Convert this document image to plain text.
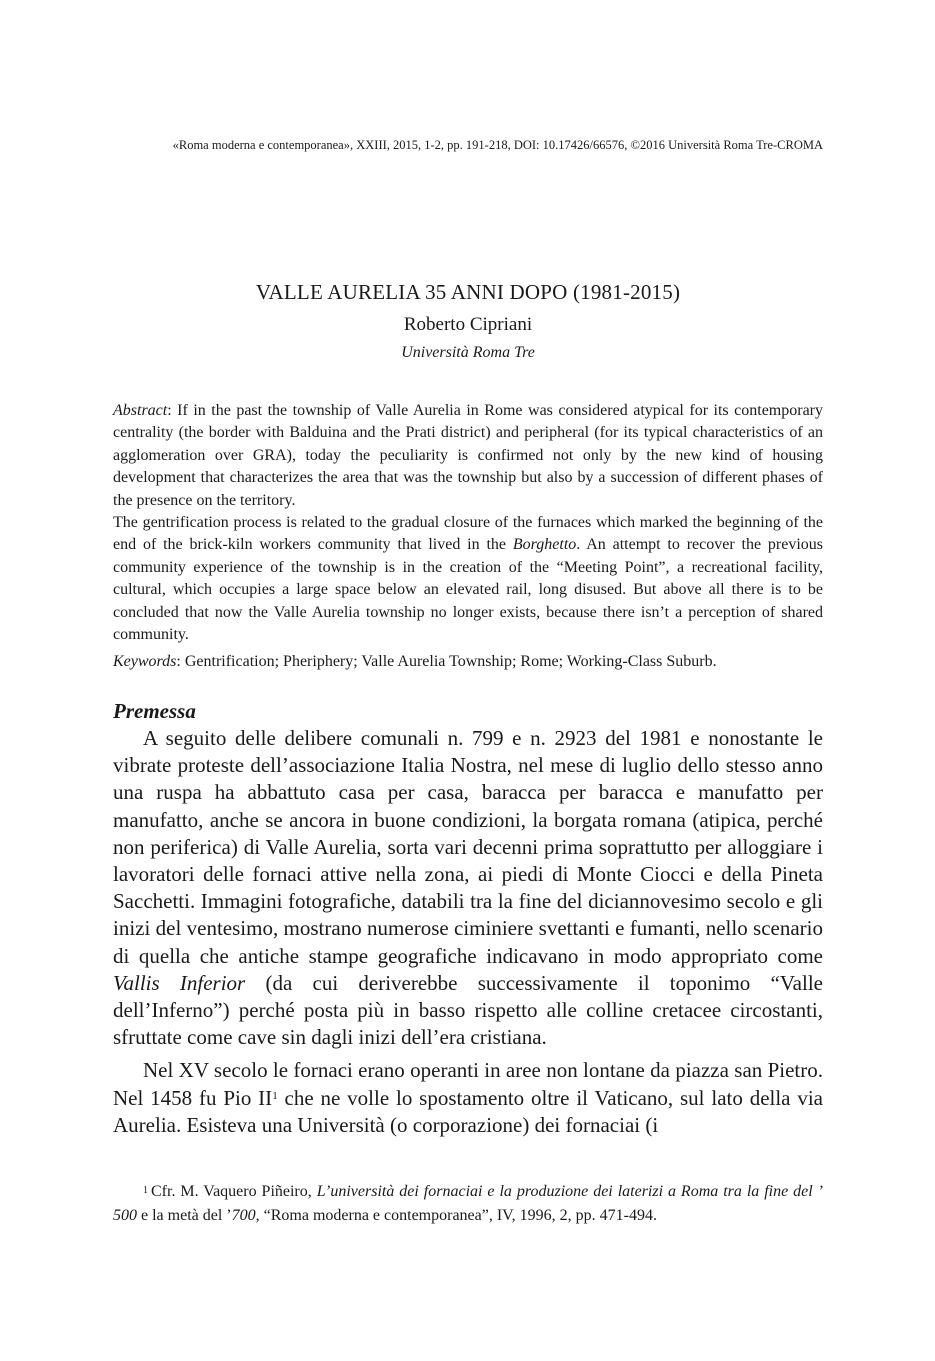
«Roma moderna e contemporanea», XXIII, 2015, 1-2, pp. 191-218, DOI: 10.17426/66576, ©2016 Università Roma Tre-CROMA
VALLE AURELIA 35 ANNI DOPO (1981-2015)
Roberto Cipriani
Università Roma Tre

Abstract: If in the past the township of Valle Aurelia in Rome was considered atypical for its contemporary centrality (the border with Balduina and the Prati district) and peripheral (for its typical characteristics of an agglomeration over GRA), today the peculiarity is confirmed not only by the new kind of housing development that characterizes the area that was the township but also by a succession of different phases of the presence on the territory.

The gentrification process is related to the gradual closure of the furnaces which marked the beginning of the end of the brick-kiln workers community that lived in the Borghetto. An attempt to recover the previous community experience of the township is in the creation of the “Meeting Point”, a recreational facility, cultural, which occupies a large space below an elevated rail, long disused. But above all there is to be concluded that now the Valle Aurelia township no longer exists, because there isn’t a perception of shared community.

Keywords: Gentrification; Pheriphery; Valle Aurelia Township; Rome; Working-Class Suburb.

Premessa

A seguito delle delibere comunali n. 799 e n. 2923 del 1981 e nonostante le vibrate proteste dell’associazione Italia Nostra, nel mese di luglio dello stesso anno una ruspa ha abbattuto casa per casa, baracca per baracca e manufatto per manufatto, anche se ancora in buone condizioni, la borgata romana (atipica, perché non periferica) di Valle Aurelia, sorta vari decenni prima soprattutto per alloggiare i lavoratori delle fornaci attive nella zona, ai piedi di Monte Ciocci e della Pineta Sacchetti. Immagini fotografiche, databili tra la fine del diciannovesimo secolo e gli inizi del ventesimo, mostrano numerose ciminiere svettanti e fumanti, nello scenario di quella che antiche stampe geografiche indicavano in modo appropriato come Vallis Inferior (da cui deriverebbe successivamente il toponimo “Valle dell’Inferno”) perché posta più in basso rispetto alle colline cretacee circostanti, sfruttate come cave sin dagli inizi dell’era cristiana.

Nel XV secolo le fornaci erano operanti in aree non lontane da piazza san Pietro. Nel 1458 fu Pio $II^1$ che ne volle lo spostamento oltre il Vaticano, sul lato della via Aurelia. Esisteva una Università (o corporazione) dei fornaciai (i

$^1$ Cfr. M. Vaquero Piñeiro, L’università dei fornaciai e la produzione dei laterizi a Roma tra la fine del ’ 500 e la metà del ’700, “Roma moderna e contemporanea”, IV, 1996, 2, pp. 471-494.
